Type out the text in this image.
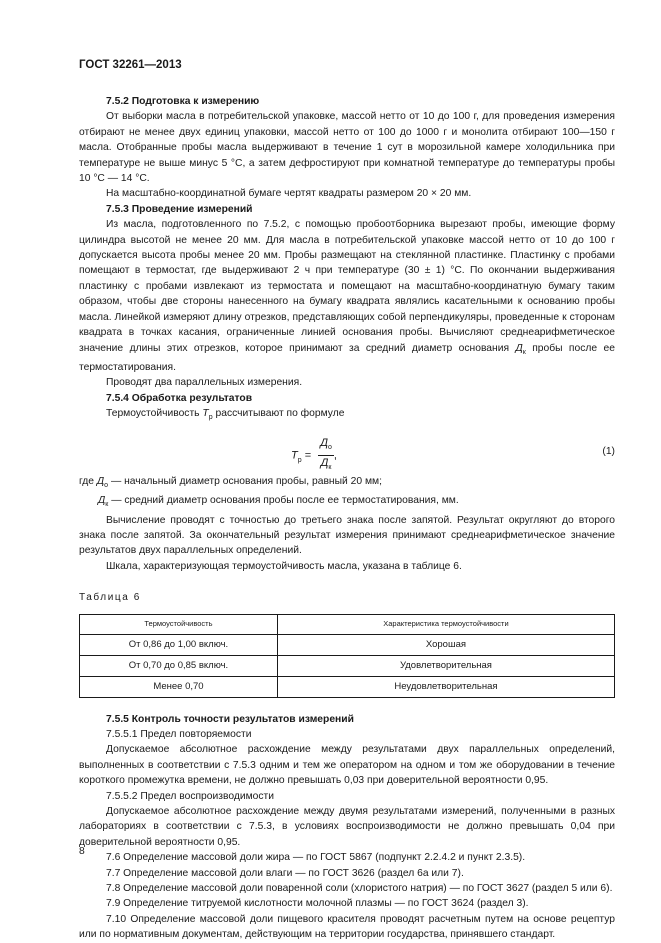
ГОСТ 32261—2013

7.5.2 Подготовка к измерению

От выборки масла в потребительской упаковке, массой нетто от 10 до 100 г, для проведения измерения отбирают не менее двух единиц упаковки, массой нетто от 100 до 1000 г и монолита отбирают 100—150 г масла. Отобранные пробы масла выдерживают в течение 1 сут в морозильной камере холодильника при температуре не выше минус 5 °С, а затем дефростируют при комнатной температуре до температуры пробы 10 °С — 14 °С.

На масштабно-координатной бумаге чертят квадраты размером 20 × 20 мм.

7.5.3 Проведение измерений

Из масла, подготовленного по 7.5.2, с помощью пробоотборника вырезают пробы, имеющие форму цилиндра высотой не менее 20 мм. Для масла в потребительской упаковке массой нетто от 10 до 100 г допускается высота пробы менее 20 мм. Пробы размещают на стеклянной пластинке. Пластинку с пробами помещают в термостат, где выдерживают 2 ч при температуре (30 ± 1) °С. По окончании выдерживания пластинку с пробами извлекают из термостата и помещают на масштабно-координатную бумагу таким образом, чтобы две стороны нанесенного на бумагу квадрата являлись касательными к основанию пробы масла. Линейкой измеряют длину отрезков, представляющих собой перпендикуляры, проведенные к сторонам квадрата в точках касания, ограниченные линией основания пробы. Вычисляют среднеарифметическое значение длины этих отрезков, которое принимают за средний диаметр основания $Д_к$ пробы после ее термостатирования.

Проводят два параллельных измерения.

7.5.4 Обработка результатов

Термоустойчивость $Т_р$ рассчитывают по формуле

$Т_р = \frac{Д_о}{Д_к}$ ,	(1)

где $Д_о$ — начальный диаметр основания пробы, равный 20 мм;

$Д_к$ — средний диаметр основания пробы после ее термостатирования, мм.

Вычисление проводят с точностью до третьего знака после запятой. Результат округляют до второго знака после запятой. За окончательный результат измерения принимают среднеарифметическое значение результатов двух параллельных определений.

Шкала, характеризующая термоустойчивость масла, указана в таблице 6.

Таблица 6
Термоустойчивость	Характеристика термоустойчивости
От 0,86 до 1,00 включ.	Хорошая
От 0,70 до 0,85 включ.	Удовлетворительная
Менее 0,70	Неудовлетворительная

7.5.5 Контроль точности результатов измерений

7.5.5.1 Предел повторяемости

Допускаемое абсолютное расхождение между результатами двух параллельных определений, выполненных в соответствии с 7.5.3 одним и тем же оператором на одном и том же оборудовании в течение короткого промежутка времени, не должно превышать 0,03 при доверительной вероятности 0,95.

7.5.5.2 Предел воспроизводимости

Допускаемое абсолютное расхождение между двумя результатами измерений, полученными в разных лабораториях в соответствии с 7.5.3, в условиях воспроизводимости не должно превышать 0,04 при доверительной вероятности 0,95.

7.6 Определение массовой доли жира — по ГОСТ 5867 (подпункт 2.2.4.2 и пункт 2.3.5).

7.7 Определение массовой доли влаги — по ГОСТ 3626 (раздел 6а или 7).

7.8 Определение массовой доли поваренной соли (хлористого натрия) — по ГОСТ 3627 (раздел 5 или 6).

7.9 Определение титруемой кислотности молочной плазмы — по ГОСТ 3624 (раздел 3).

7.10 Определение массовой доли пищевого красителя проводят расчетным путем на основе рецептур или по нормативным документам, действующим на территории государства, принявшего стандарт.

8
